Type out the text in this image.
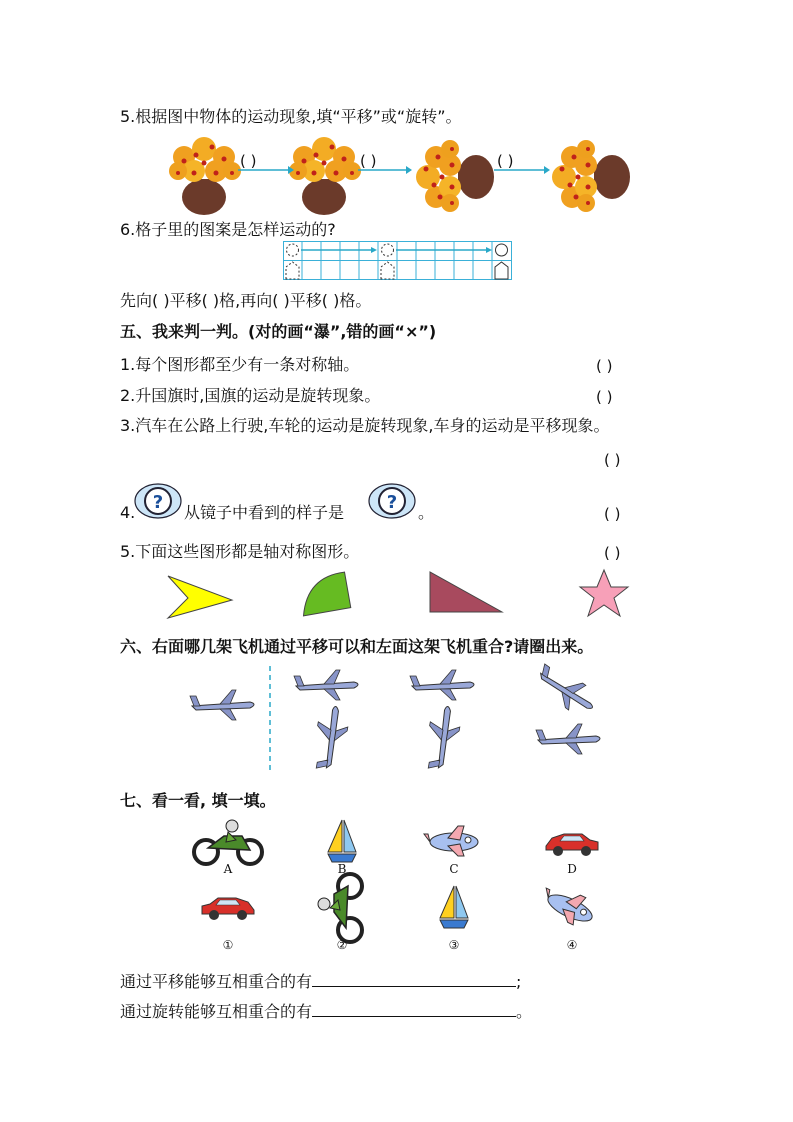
5.根据图中物体的运动现象,填“平移”或“旋转”。
( )	( )	( )
6.格子里的图案是怎样运动的?
先向( )平移( )格,再向( )平移( )格。
五、我来判一判。(对的画“瀑”,错的画“×”)
1.每个图形都至少有一条对称轴。	( )
2.升国旗时,国旗的运动是旋转现象。	( )
3.汽车在公路上行驶,车轮的运动是旋转现象,车身的运动是平移现象。
( )
4. ? 从镜子中看到的样子是 ? 。	( )
5.下面这些图形都是轴对称图形。	( )
六、右面哪几架飞机通过平移可以和左面这架飞机重合?请圈出来。
七、看一看, 填一填。
A	B	C	D
①	②	③	④
通过平移能够互相重合的有	;
通过旋转能够互相重合的有	。
